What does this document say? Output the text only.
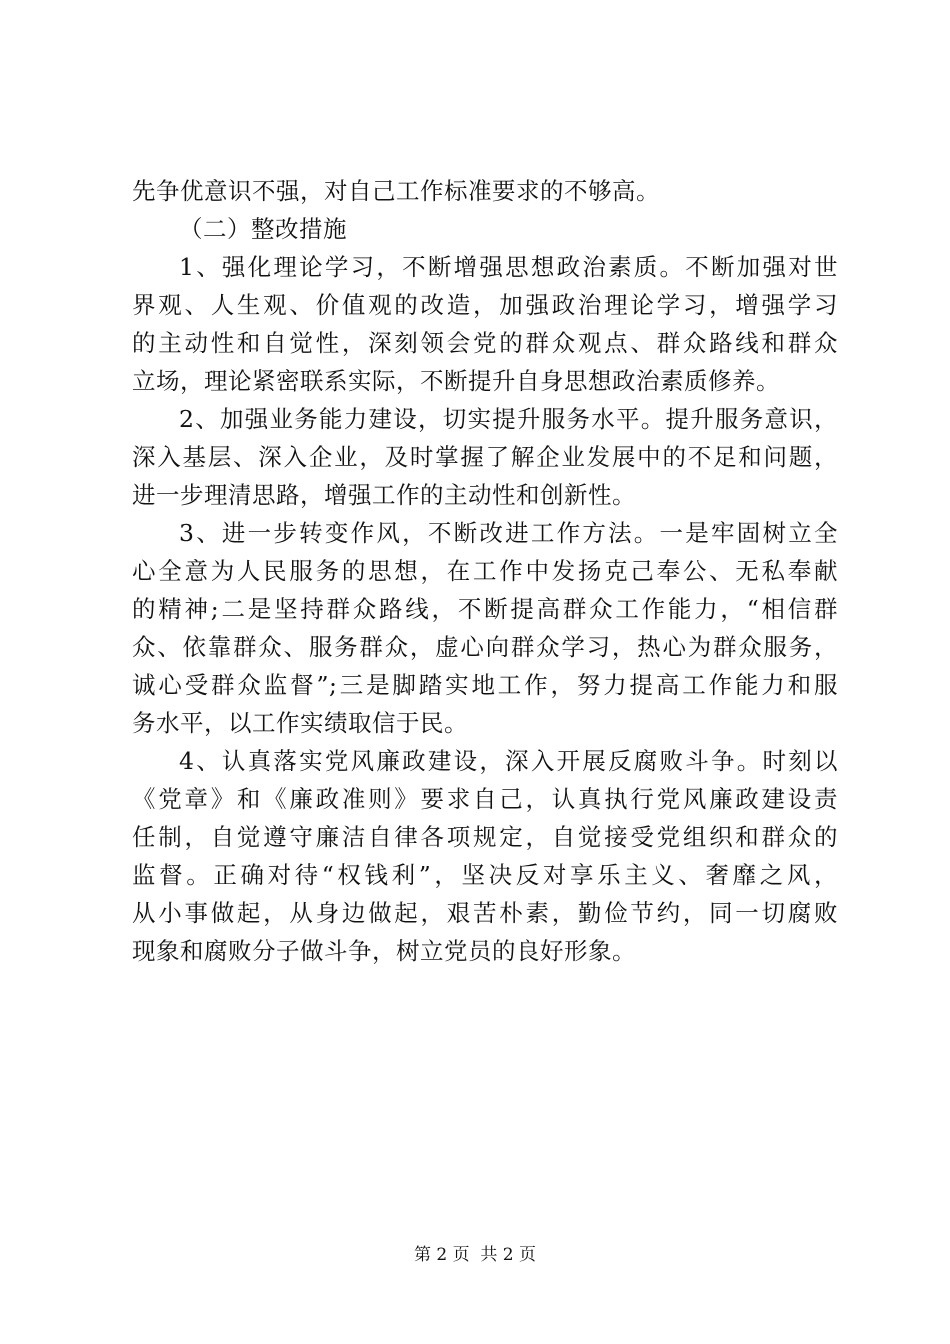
先争优意识不强，对自己工作标准要求的不够高。
（二）整改措施
1、强化理论学习，不断增强思想政治素质。不断加强对世
界观、人生观、价值观的改造，加强政治理论学习，增强学习
的主动性和自觉性，深刻领会党的群众观点、群众路线和群众
立场，理论紧密联系实际，不断提升自身思想政治素质修养。
2、加强业务能力建设，切实提升服务水平。提升服务意识，
深入基层、深入企业，及时掌握了解企业发展中的不足和问题，
进一步理清思路，增强工作的主动性和创新性。
3、进一步转变作风，不断改进工作方法。一是牢固树立全
心全意为人民服务的思想，在工作中发扬克己奉公、无私奉献
的精神;二是坚持群众路线，不断提高群众工作能力，“相信群
众、依靠群众、服务群众，虚心向群众学习，热心为群众服务，
诚心受群众监督”;三是脚踏实地工作，努力提高工作能力和服
务水平，以工作实绩取信于民。
4、认真落实党风廉政建设，深入开展反腐败斗争。时刻以
《党章》和《廉政准则》要求自己，认真执行党风廉政建设责
任制，自觉遵守廉洁自律各项规定，自觉接受党组织和群众的
监督。正确对待“权钱利”，坚决反对享乐主义、奢靡之风，
从小事做起，从身边做起，艰苦朴素，勤俭节约，同一切腐败
现象和腐败分子做斗争，树立党员的良好形象。
第 2 页  共 2 页
